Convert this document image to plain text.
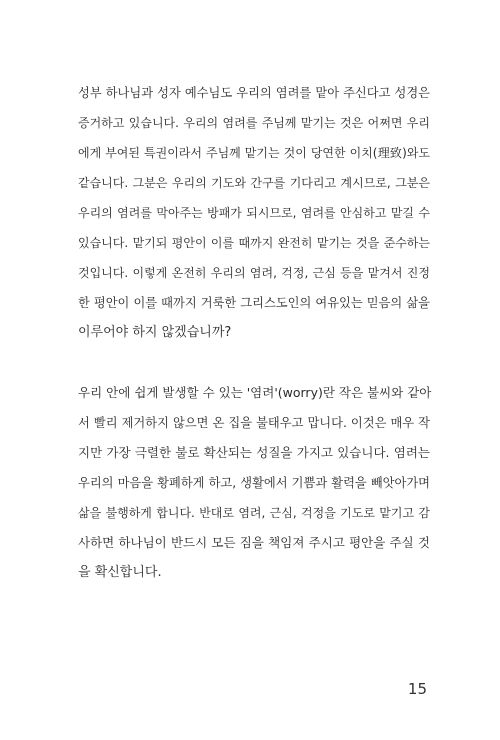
성부 하나님과 성자 예수님도 우리의 염려를 맡아 주신다고 성경은
증거하고 있습니다. 우리의 염려를 주님께 맡기는 것은 어쩌면 우리
에게 부여된 특권이라서 주님께 맡기는 것이 당연한 이치(理致)와도
같습니다. 그분은 우리의 기도와 간구를 기다리고 계시므로, 그분은
우리의 염려를 막아주는 방패가 되시므로, 염려를 안심하고 맡길 수
있습니다. 맡기되 평안이 이를 때까지 완전히 맡기는 것을 준수하는
것입니다. 이렇게 온전히 우리의 염려, 걱정, 근심 등을 맡겨서 진정
한 평안이 이를 때까지 거룩한 그리스도인의 여유있는 믿음의 삶을
이루어야 하지 않겠습니까?

우리 안에 쉽게 발생할 수 있는 '염려'(worry)란 작은 불씨와 같아
서 빨리 제거하지 않으면 온 집을 불태우고 맙니다. 이것은 매우 작
지만 가장 극렬한 불로 확산되는 성질을 가지고 있습니다. 염려는
우리의 마음을 황폐하게 하고, 생활에서 기쁨과 활력을 빼앗아가며
삶을 불행하게 합니다. 반대로 염려, 근심, 걱정을 기도로 맡기고 감
사하면 하나님이 반드시 모든 짐을 책임져 주시고 평안을 주실 것
을 확신합니다.

15
